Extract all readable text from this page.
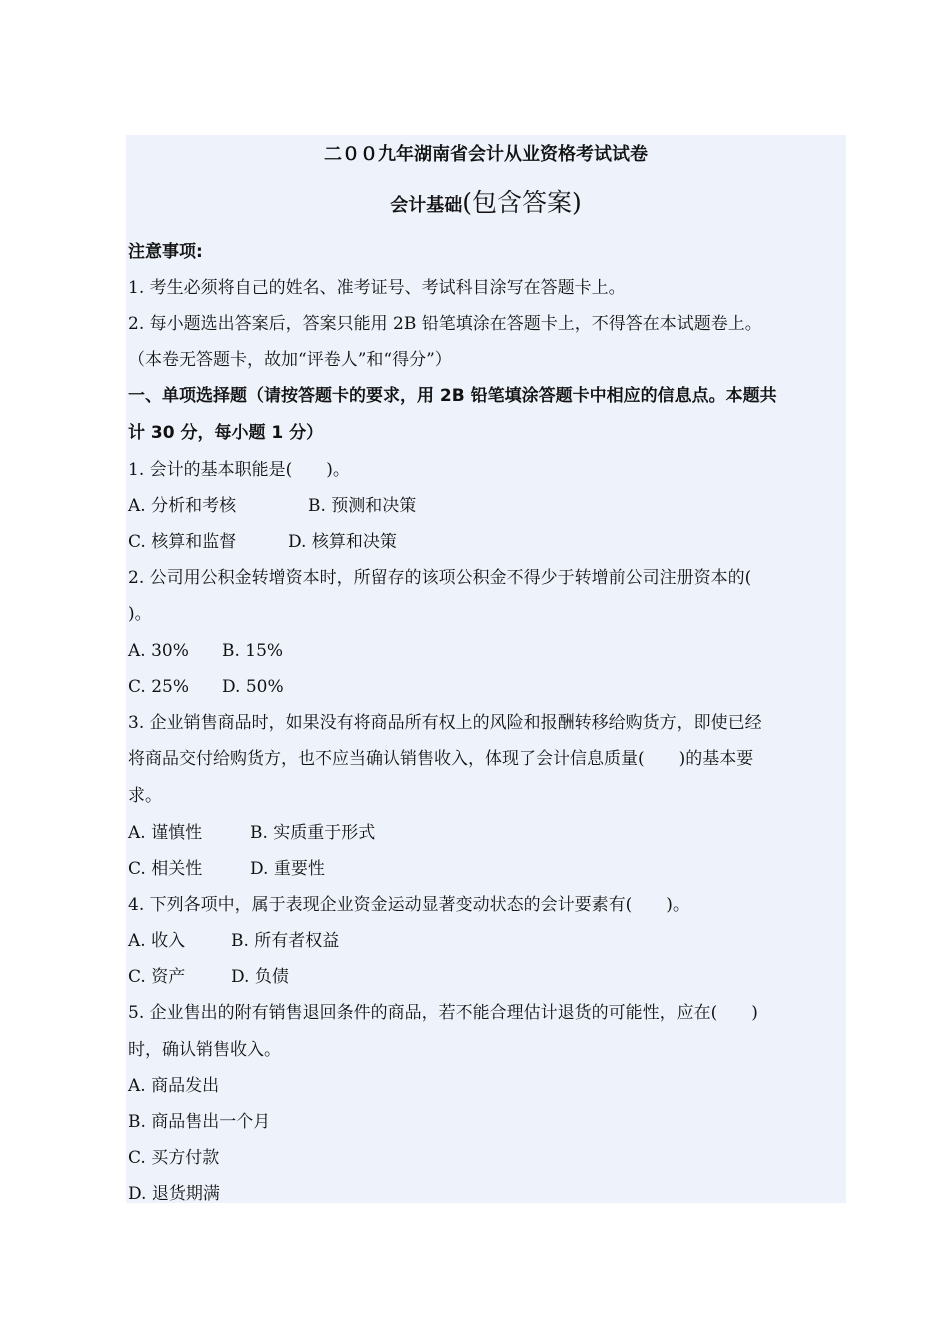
二００九年湖南省会计从业资格考试试卷
会计基础(包含答案)
注意事项:
1. 考生必须将自己的姓名、准考证号、考试科目涂写在答题卡上。
2. 每小题选出答案后，答案只能用 2B 铅笔填涂在答题卡上，不得答在本试题卷上。
（本卷无答题卡，故加“评卷人”和“得分”）
一、单项选择题（请按答题卡的要求，用 2B 铅笔填涂答题卡中相应的信息点。本题共
计 30 分，每小题 1 分）
1. 会计的基本职能是(　　)。
A. 分析和考核	B. 预测和决策
C. 核算和监督	D. 核算和决策
2. 公司用公积金转增资本时，所留存的该项公积金不得少于转增前公司注册资本的(
)。
A. 30% B. 15%
C. 25% D. 50%
3. 企业销售商品时，如果没有将商品所有权上的风险和报酬转移给购货方，即使已经
将商品交付给购货方，也不应当确认销售收入，体现了会计信息质量(　　)的基本要
求。
A. 谨慎性	B. 实质重于形式
C. 相关性	D. 重要性
4. 下列各项中，属于表现企业资金运动显著变动状态的会计要素有(　　)。
A. 收入	B. 所有者权益
C. 资产	D. 负债
5. 企业售出的附有销售退回条件的商品，若不能合理估计退货的可能性，应在(　　)
时，确认销售收入。
A. 商品发出
B. 商品售出一个月
C. 买方付款
D. 退货期满
